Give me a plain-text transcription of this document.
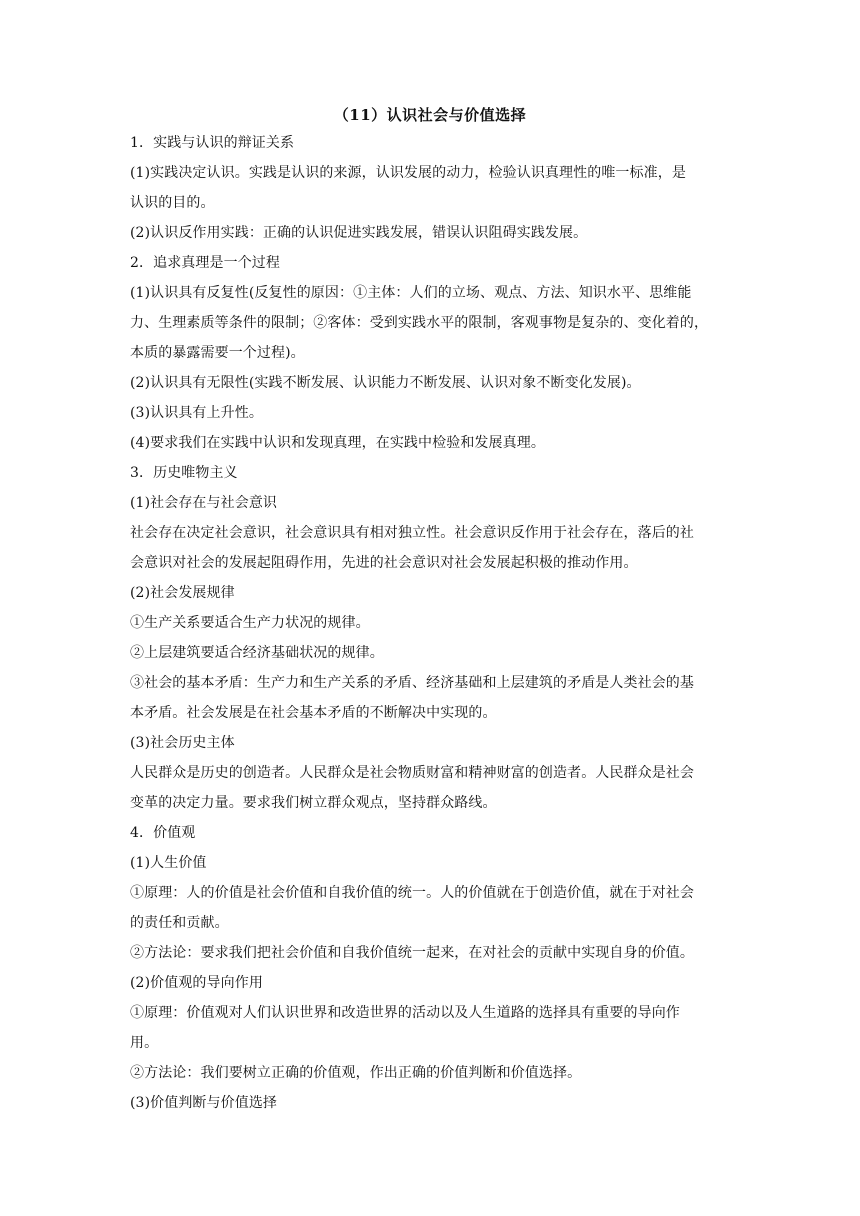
（11）认识社会与价值选择

1．实践与认识的辩证关系

(1)实践决定认识。实践是认识的来源，认识发展的动力，检验认识真理性的唯一标准，是

认识的目的。

(2)认识反作用实践：正确的认识促进实践发展，错误认识阻碍实践发展。

2．追求真理是一个过程

(1)认识具有反复性(反复性的原因：①主体：人们的立场、观点、方法、知识水平、思维能

力、生理素质等条件的限制；②客体：受到实践水平的限制，客观事物是复杂的、变化着的，

本质的暴露需要一个过程)。

(2)认识具有无限性(实践不断发展、认识能力不断发展、认识对象不断变化发展)。

(3)认识具有上升性。

(4)要求我们在实践中认识和发现真理，在实践中检验和发展真理。

3．历史唯物主义

(1)社会存在与社会意识

社会存在决定社会意识，社会意识具有相对独立性。社会意识反作用于社会存在，落后的社

会意识对社会的发展起阻碍作用，先进的社会意识对社会发展起积极的推动作用。

(2)社会发展规律

①生产关系要适合生产力状况的规律。

②上层建筑要适合经济基础状况的规律。

③社会的基本矛盾：生产力和生产关系的矛盾、经济基础和上层建筑的矛盾是人类社会的基

本矛盾。社会发展是在社会基本矛盾的不断解决中实现的。

(3)社会历史主体

人民群众是历史的创造者。人民群众是社会物质财富和精神财富的创造者。人民群众是社会

变革的决定力量。要求我们树立群众观点，坚持群众路线。

4．价值观

(1)人生价值

①原理：人的价值是社会价值和自我价值的统一。人的价值就在于创造价值，就在于对社会

的责任和贡献。

②方法论：要求我们把社会价值和自我价值统一起来，在对社会的贡献中实现自身的价值。

(2)价值观的导向作用

①原理：价值观对人们认识世界和改造世界的活动以及人生道路的选择具有重要的导向作

用。

②方法论：我们要树立正确的价值观，作出正确的价值判断和价值选择。

(3)价值判断与价值选择
